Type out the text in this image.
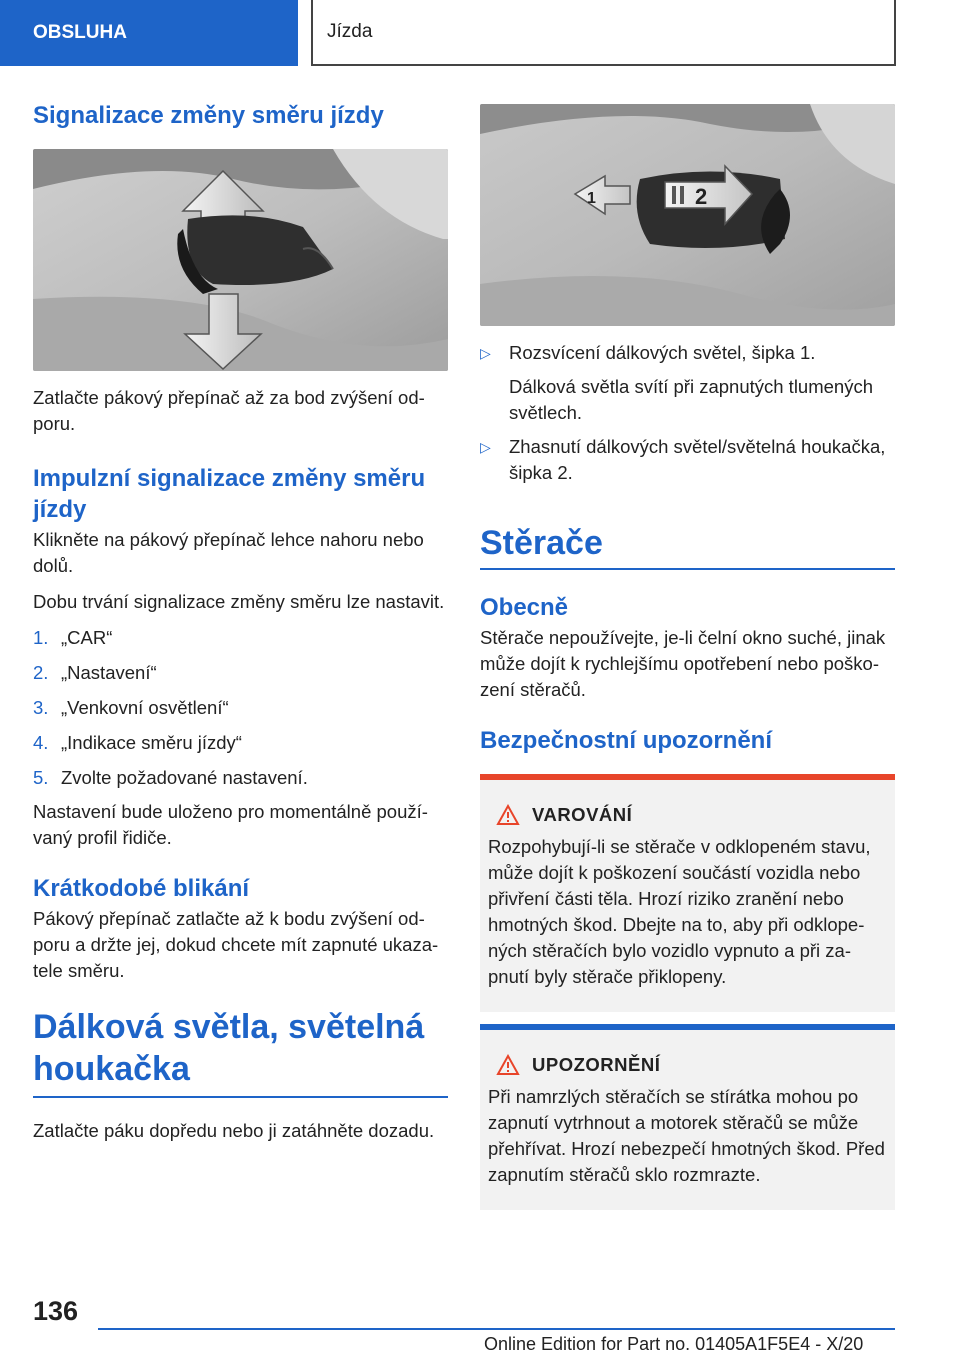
OBSLUHA	Jízda
Signalizace změny směru jízdy

Zatlačte pákový přepínač až za bod zvýšení odporu.

Impulzní signalizace změny směru jízdy

Klikněte na pákový přepínač lehce nahoru nebo dolů.

Dobu trvání signalizace změny směru lze nastavit.

1. „CAR“
2. „Nastavení“
3. „Venkovní osvětlení“
4. „Indikace směru jízdy“
5. Zvolte požadované nastavení.

Nastavení bude uloženo pro momentálně používaný profil řidiče.

Krátkodobé blikání

Pákový přepínač zatlačte až k bodu zvýšení odporu a držte jej, dokud chcete mít zapnuté ukazatele směru.

Dálková světla, světelná houkačka

Zatlačte páku dopředu nebo ji zatáhněte dozadu.

1	2
▷ Rozsvícení dálkových světel, šipka 1.

Dálková světla svítí při zapnutých tlumených světlech.

▷ Zhasnutí dálkových světel/světelná houkačka, šipka 2.

Stěrače
Obecně

Stěrače nepoužívejte, je-li čelní okno suché, jinak může dojít k rychlejšímu opotřebení nebo poškození stěračů.

Bezpečnostní upozornění
VAROVÁNÍ

Rozpohybují-li se stěrače v odklopeném stavu, může dojít k poškození součástí vozidla nebo přivření části těla. Hrozí riziko zranění nebo hmotných škod. Dbejte na to, aby při odklopených stěračích bylo vozidlo vypnuto a při zapnutí byly stěrače přiklopeny.

UPOZORNĚNÍ

Při namrzlých stěračích se stírátka mohou po zapnutí vytrhnout a motorek stěračů se může přehřívat. Hrozí nebezpečí hmotných škod. Před zapnutím stěračů sklo rozmrazte.

136
Online Edition for Part no. 01405A1F5E4 - X/20
